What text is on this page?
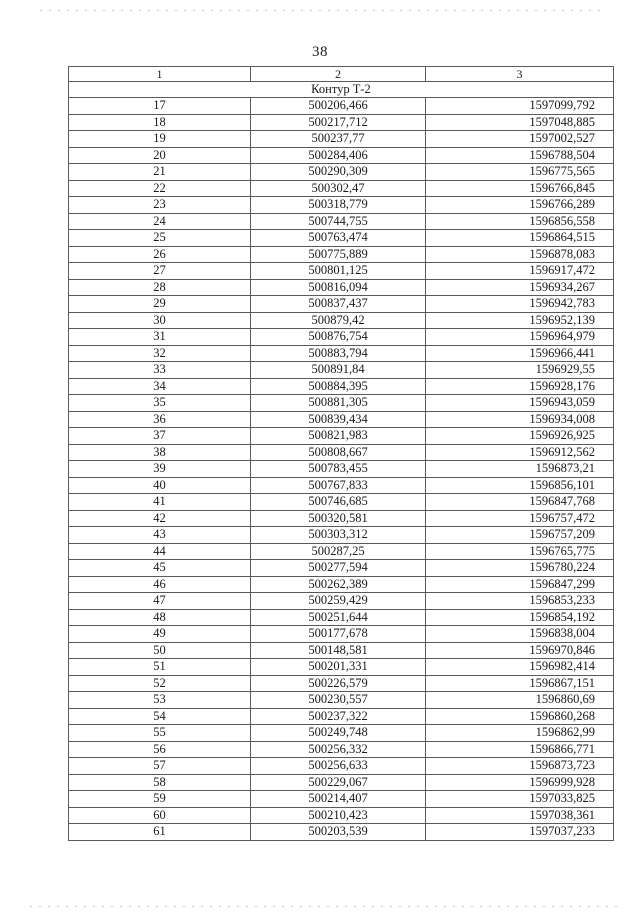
38
1	2	3
Контур Т-2		
17	500206,466	1597099,792
18	500217,712	1597048,885
19	500237,77	1597002,527
20	500284,406	1596788,504
21	500290,309	1596775,565
22	500302,47	1596766,845
23	500318,779	1596766,289
24	500744,755	1596856,558
25	500763,474	1596864,515
26	500775,889	1596878,083
27	500801,125	1596917,472
28	500816,094	1596934,267
29	500837,437	1596942,783
30	500879,42	1596952,139
31	500876,754	1596964,979
32	500883,794	1596966,441
33	500891,84	1596929,55
34	500884,395	1596928,176
35	500881,305	1596943,059
36	500839,434	1596934,008
37	500821,983	1596926,925
38	500808,667	1596912,562
39	500783,455	1596873,21
40	500767,833	1596856,101
41	500746,685	1596847,768
42	500320,581	1596757,472
43	500303,312	1596757,209
44	500287,25	1596765,775
45	500277,594	1596780,224
46	500262,389	1596847,299
47	500259,429	1596853,233
48	500251,644	1596854,192
49	500177,678	1596838,004
50	500148,581	1596970,846
51	500201,331	1596982,414
52	500226,579	1596867,151
53	500230,557	1596860,69
54	500237,322	1596860,268
55	500249,748	1596862,99
56	500256,332	1596866,771
57	500256,633	1596873,723
58	500229,067	1596999,928
59	500214,407	1597033,825
60	500210,423	1597038,361
61	500203,539	1597037,233
